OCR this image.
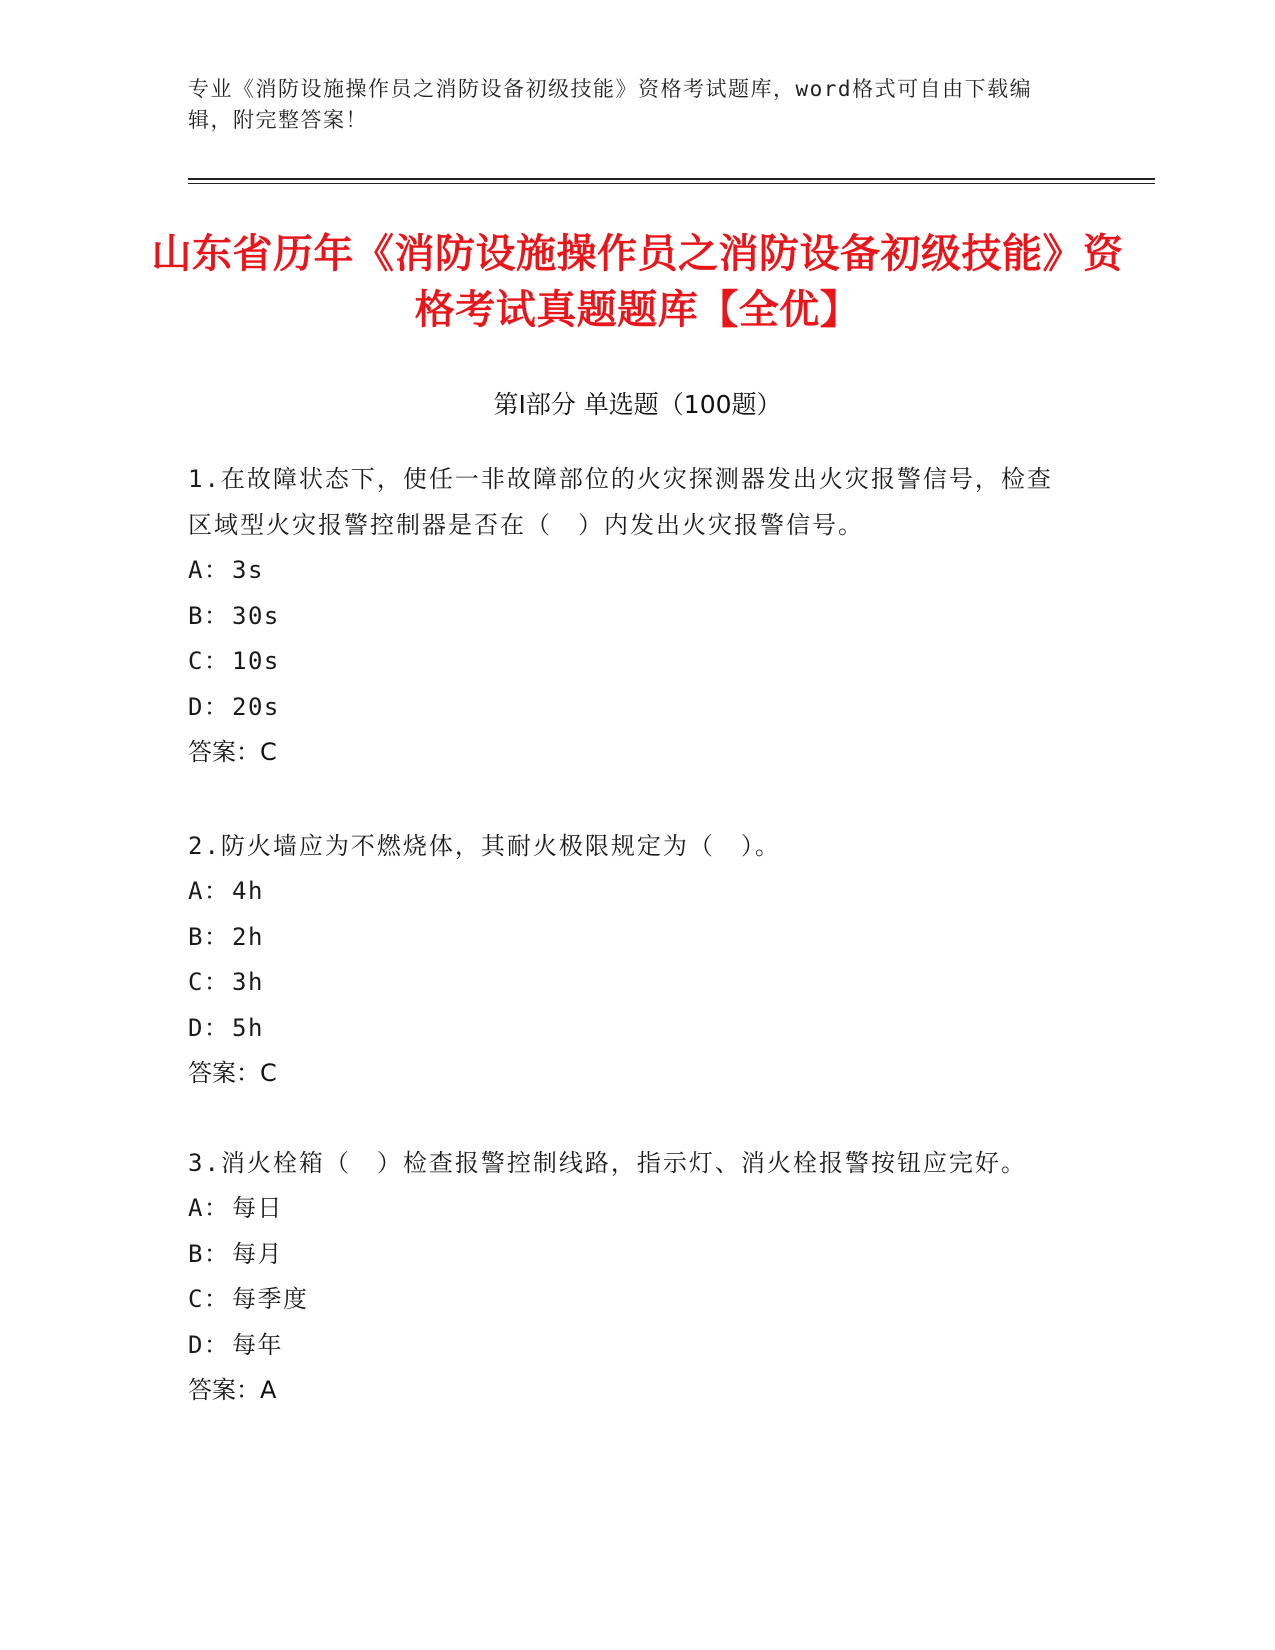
专业《消防设施操作员之消防设备初级技能》资格考试题库，word格式可自由下载编辑，附完整答案！
山东省历年《消防设施操作员之消防设备初级技能》资格考试真题题库【全优】
第I部分 单选题（100题）
1.在故障状态下，使任一非故障部位的火灾探测器发出火灾报警信号，检查区域型火灾报警控制器是否在（　）内发出火灾报警信号。
A： 3s
B： 30s
C： 10s
D： 20s
答案：C
2.防火墙应为不燃烧体，其耐火极限规定为（　）。
A： 4h
B： 2h
C： 3h
D： 5h
答案：C
3.消火栓箱（　）检查报警控制线路，指示灯、消火栓报警按钮应完好。
A： 每日
B： 每月
C： 每季度
D： 每年
答案：A
